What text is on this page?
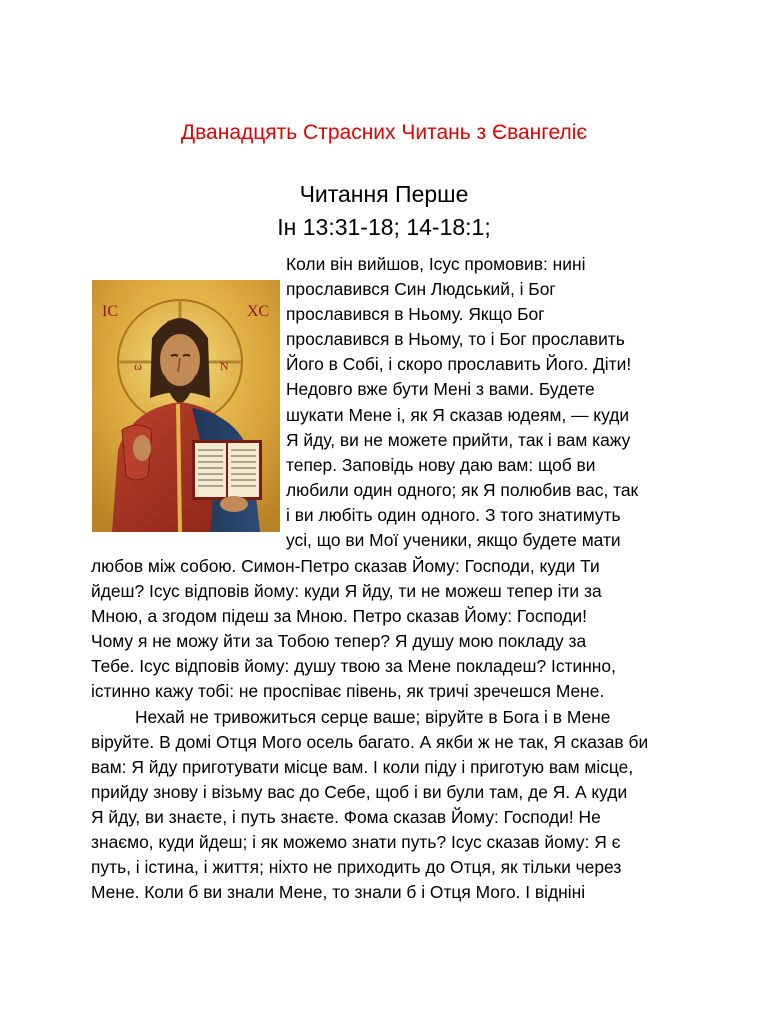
Дванадцять Страсних Читань з Євангеліє
Читання Перше
Ін 13:31-18; 14-18:1;
IC	XC
ω	N

Коли він вийшов, Ісус промовив: нині
прославився Син Людський, і Бог
прославився в Ньому. Якщо Бог
прославився в Ньому, то і Бог прославить
Його в Собі, і скоро прославить Його. Діти!
Недовго вже бути Мені з вами. Будете
шукати Мене і, як Я сказав юдеям, — куди
Я йду, ви не можете прийти, так і вам кажу
тепер. Заповідь нову даю вам: щоб ви
любили один одного; як Я полюбив вас, так
і ви любіть один одного. З того знатимуть
усі, що ви Мої ученики, якщо будете мати
любов між собою. Симон-Петро сказав Йому: Господи, куди Ти
йдеш? Ісус відповів йому: куди Я йду, ти не можеш тепер іти за
Мною, а згодом підеш за Мною. Петро сказав Йому: Господи!
Чому я не можу йти за Тобою тепер? Я душу мою покладу за
Тебе. Ісус відповів йому: душу твою за Мене покладеш? Істинно,
істинно кажу тобі: не проспіває півень, як тричі зречешся Мене.

Нехай не тривожиться серце ваше; віруйте в Бога і в Мене
віруйте. В домі Отця Мого осель багато. А якби ж не так, Я сказав би
вам: Я йду приготувати місце вам. І коли піду і приготую вам місце,
прийду знову і візьму вас до Себе, щоб і ви були там, де Я. А куди
Я йду, ви знаєте, і путь знаєте. Фома сказав Йому: Господи! Не
знаємо, куди йдеш; і як можемо знати путь? Ісус сказав йому: Я є
путь, і істина, і життя; ніхто не приходить до Отця, як тільки через
Мене. Коли б ви знали Мене, то знали б і Отця Мого. І відніні
